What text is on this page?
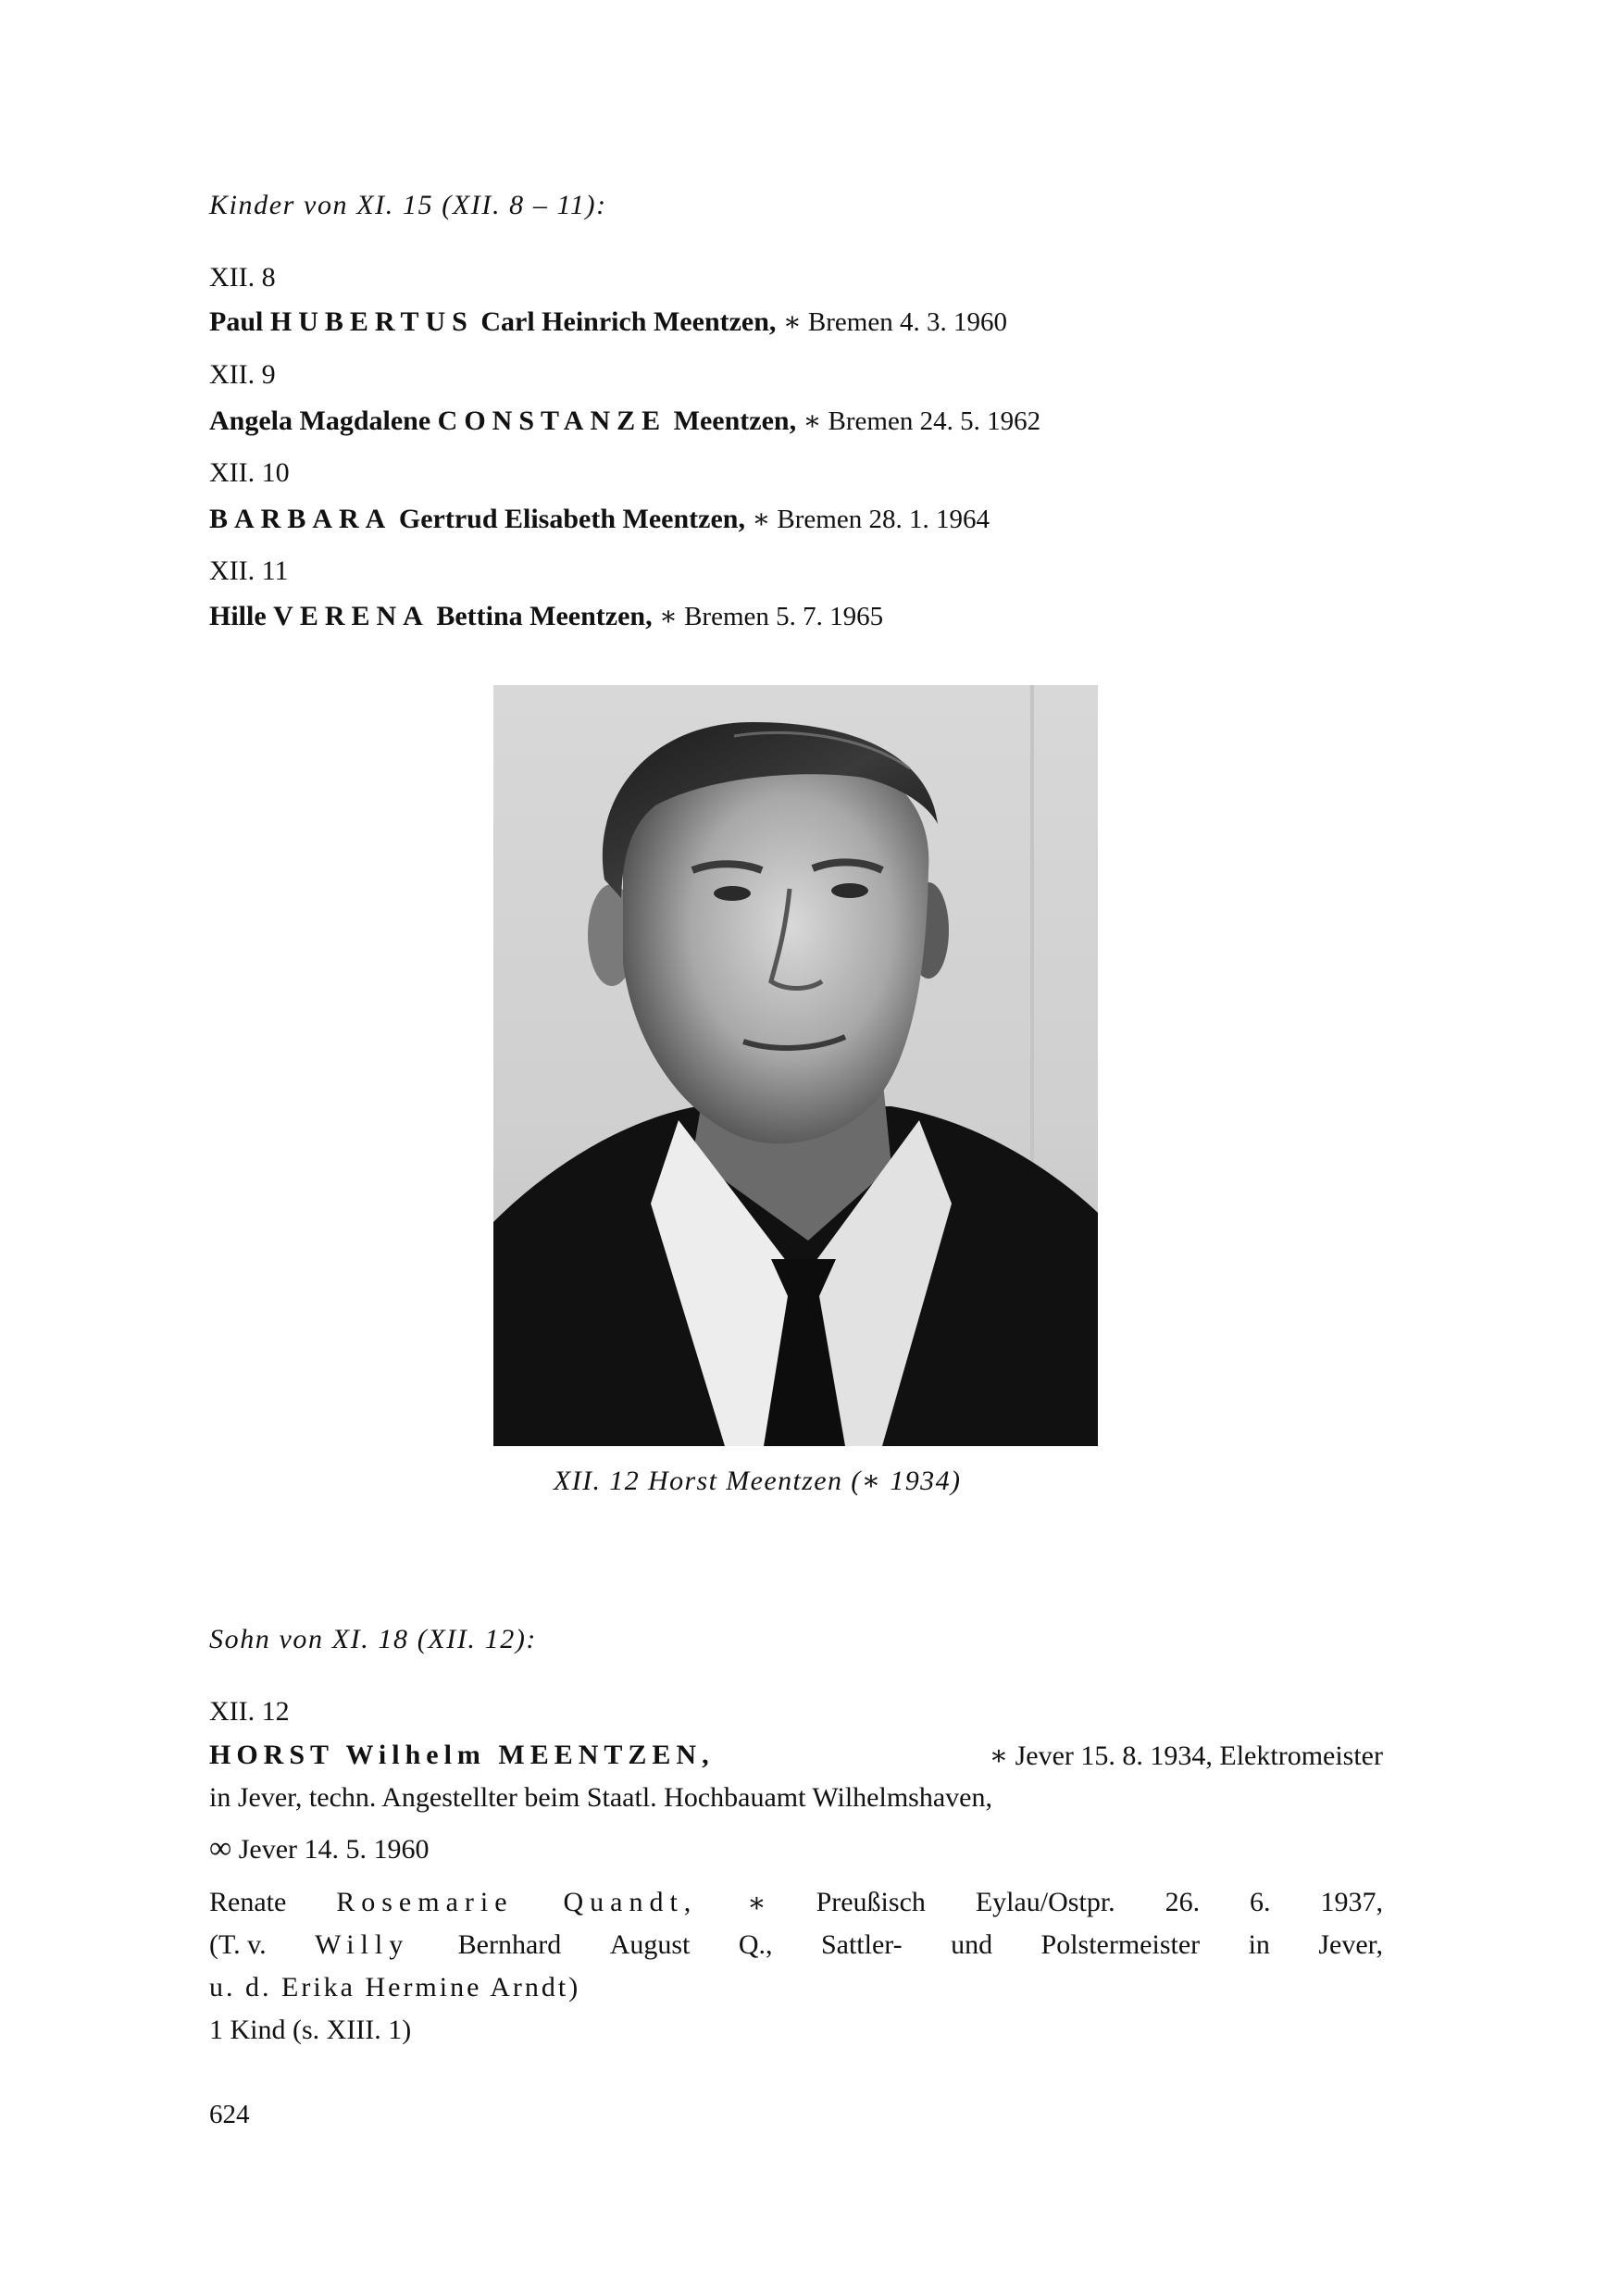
Kinder von XI. 15 (XII. 8 – 11):
XII. 8
Paul HUBERTUS Carl Heinrich Meentzen, ∗ Bremen 4. 3. 1960
XII. 9
Angela Magdalene CONSTANZE Meentzen, ∗ Bremen 24. 5. 1962
XII. 10
BARBARA Gertrud Elisabeth Meentzen, ∗ Bremen 28. 1. 1964
XII. 11
Hille VERENA Bettina Meentzen, ∗ Bremen 5. 7. 1965
XII. 12 Horst Meentzen (∗ 1934)
Sohn von XI. 18 (XII. 12):
XII. 12
HORST Wilhelm MEENTZEN,	∗ Jever 15. 8. 1934, Elektromeister
in Jever, techn. Angestellter beim Staatl. Hochbauamt Wilhelmshaven,
∞ Jever 14. 5. 1960
Renate Rosemarie Quandt, ∗ Preußisch Eylau/Ostpr. 26. 6. 1937,
(T. v. Willy Bernhard August Q., Sattler- und Polstermeister in Jever,
u. d. Erika Hermine Arndt)
1 Kind (s. XIII. 1)
624
